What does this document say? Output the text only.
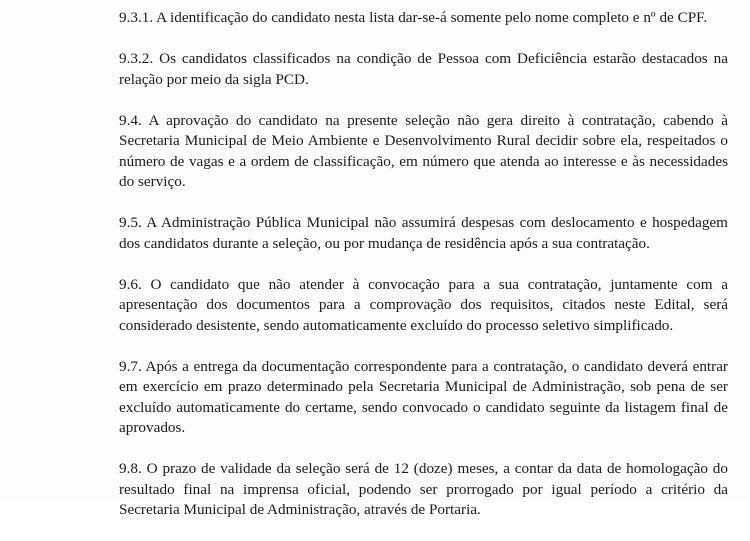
9.3.1. A identificação do candidato nesta lista dar-se-á somente pelo nome completo e nº de CPF.

9.3.2. Os candidatos classificados na condição de Pessoa com Deficiência estarão destacados na relação por meio da sigla PCD.

9.4. A aprovação do candidato na presente seleção não gera direito à contratação, cabendo à Secretaria Municipal de Meio Ambiente e Desenvolvimento Rural decidir sobre ela, respeitados o número de vagas e a ordem de classificação, em número que atenda ao interesse e às necessidades do serviço.

9.5. A Administração Pública Municipal não assumirá despesas com deslocamento e hospedagem dos candidatos durante a seleção, ou por mudança de residência após a sua contratação.

9.6. O candidato que não atender à convocação para a sua contratação, juntamente com a apresentação dos documentos para a comprovação dos requisitos, citados neste Edital, será considerado desistente, sendo automaticamente excluído do processo seletivo simplificado.

9.7. Após a entrega da documentação correspondente para a contratação, o candidato deverá entrar em exercício em prazo determinado pela Secretaria Municipal de Administração, sob pena de ser excluído automaticamente do certame, sendo convocado o candidato seguinte da listagem final de aprovados.

9.8. O prazo de validade da seleção será de 12 (doze) meses, a contar da data de homologação do resultado final na imprensa oficial, podendo ser prorrogado por igual período a critério da Secretaria Municipal de Administração, através de Portaria.
